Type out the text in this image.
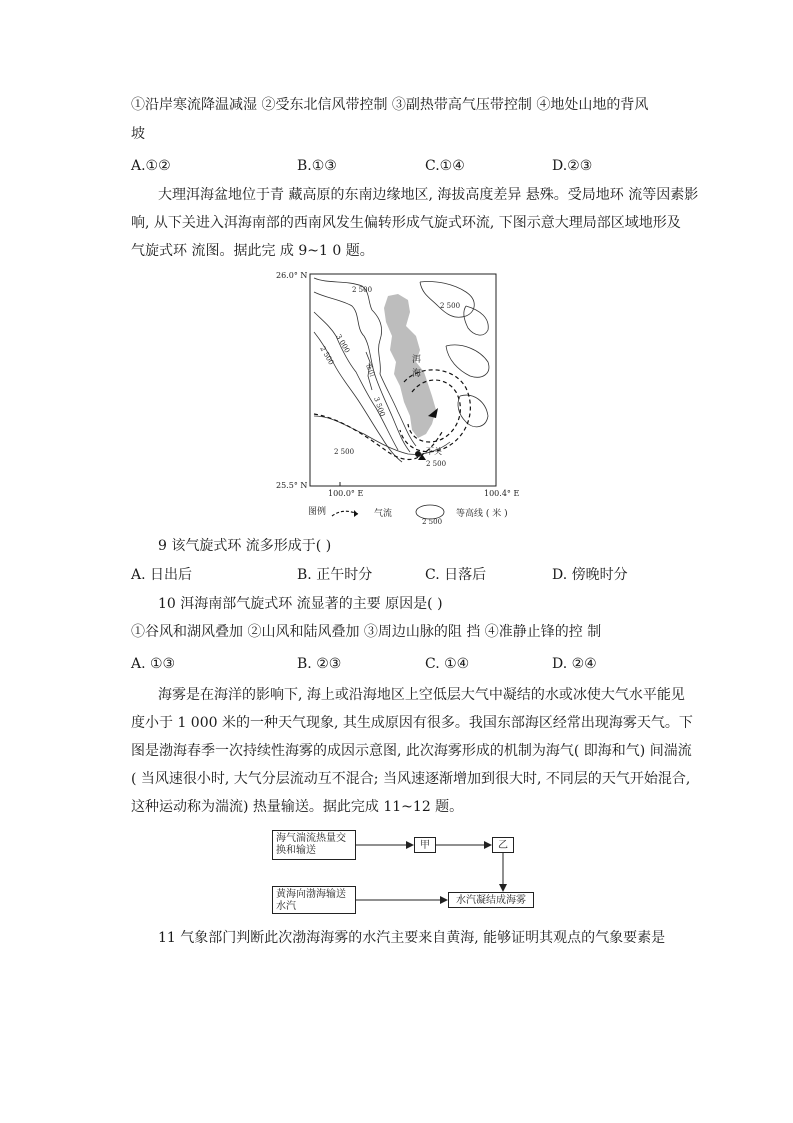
①沿岸寒流降温减湿 ②受东北信风带控制 ③副热带高气压带控制 ④地处山地的背风
坡
A.①②	B.①③	C.①④	D.②③
大理洱海盆地位于青 藏高原的东南边缘地区, 海拔高度差异 悬殊。受局地环 流等因素影
响, 从下关进入洱海南部的西南风发生偏转形成气旋式环流, 下图示意大理局部区域地形及
气旋式环 流图。据此完 成 9~1 0 题。
26.0° N
25.5° N
100.0° E	100.4° E
洱
海
下关
苍山
2 500
2 500
3 000
2 500
3 500
2 500
2 500
图例	气流
2 500
等高线 ( 米 )
9 该气旋式环 流多形成于( )
A. 日出后	B. 正午时分	C. 日落后	D. 傍晚时分
10 洱海南部气旋式环 流显著的主要 原因是( )
①谷风和湖风叠加 ②山风和陆风叠加 ③周边山脉的阻 挡 ④准静止锋的控 制
A. ①③	B. ②③	C. ①④	D. ②④
海雾是在海洋的影响下, 海上或沿海地区上空低层大气中凝结的水或冰使大气水平能见
度小于 1 000 米的一种天气现象, 其生成原因有很多。我国东部海区经常出现海雾天气。下
图是渤海春季一次持续性海雾的成因示意图, 此次海雾形成的机制为海气( 即海和气) 间湍流
( 当风速很小时, 大气分层流动互不混合; 当风速逐渐增加到很大时, 不同层的天气开始混合,
这种运动称为湍流) 热量输送。据此完成 11~12 题。
海气湍流热量交换和输送	甲	乙
黄海向渤海输送水汽
水汽凝结成海雾
11 气象部门判断此次渤海海雾的水汽主要来自黄海, 能够证明其观点的气象要素是
